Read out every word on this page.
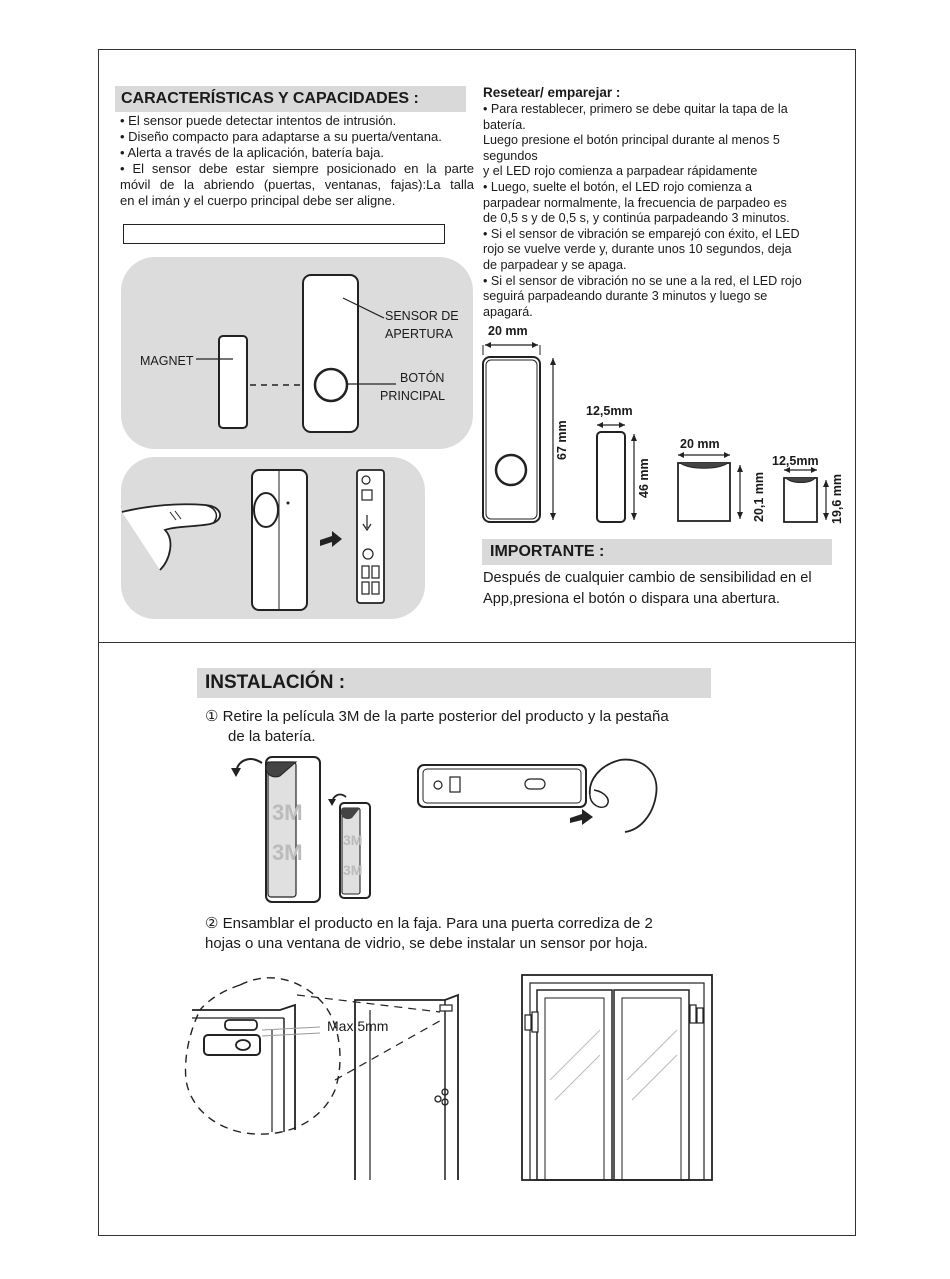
CARACTERÍSTICAS Y CAPACIDADES :
• El sensor puede detectar intentos de intrusión.
• Diseño compacto para adaptarse a su puerta/ventana.
• Alerta a través de la aplicación, batería baja.
• El sensor debe estar siempre posicionado en la parte
móvil de la abriendo (puertas, ventanas, fajas):La talla
en el imán y el cuerpo principal debe ser aligne.
MAGNET
SENSOR DE
APERTURA
BOTÓN
PRINCIPAL
Resetear/ emparejar :
• Para restablecer, primero se debe quitar la tapa de la
batería.
Luego presione el botón principal durante al menos 5
segundos
y el LED rojo comienza a parpadear rápidamente
• Luego, suelte el botón, el LED rojo comienza a
parpadear normalmente, la frecuencia de parpadeo es
de 0,5 s y de 0,5 s, y continúa parpadeando 3 minutos.
• Si el sensor de vibración se emparejó con éxito, el LED
rojo se vuelve verde y, durante unos 10 segundos, deja
de parpadear y se apaga.
• Si el sensor de vibración no se une a la red, el LED rojo
seguirá parpadeando durante 3 minutos y luego se
apagará.
20 mm
67 mm
12,5mm
46 mm
20 mm
20,1 mm
12,5mm
19,6 mm
IMPORTANTE :
Después de cualquier cambio de sensibilidad en el
App,presiona el botón o dispara una abertura.
INSTALACIÓN :
① Retire la película 3M de la parte posterior del producto y la pestaña
de la batería.
3M
3M	3M
3M
② Ensamblar el producto en la faja. Para una puerta corrediza de 2
hojas o una ventana de vidrio, se debe instalar un sensor por hoja.
Max 5mm
